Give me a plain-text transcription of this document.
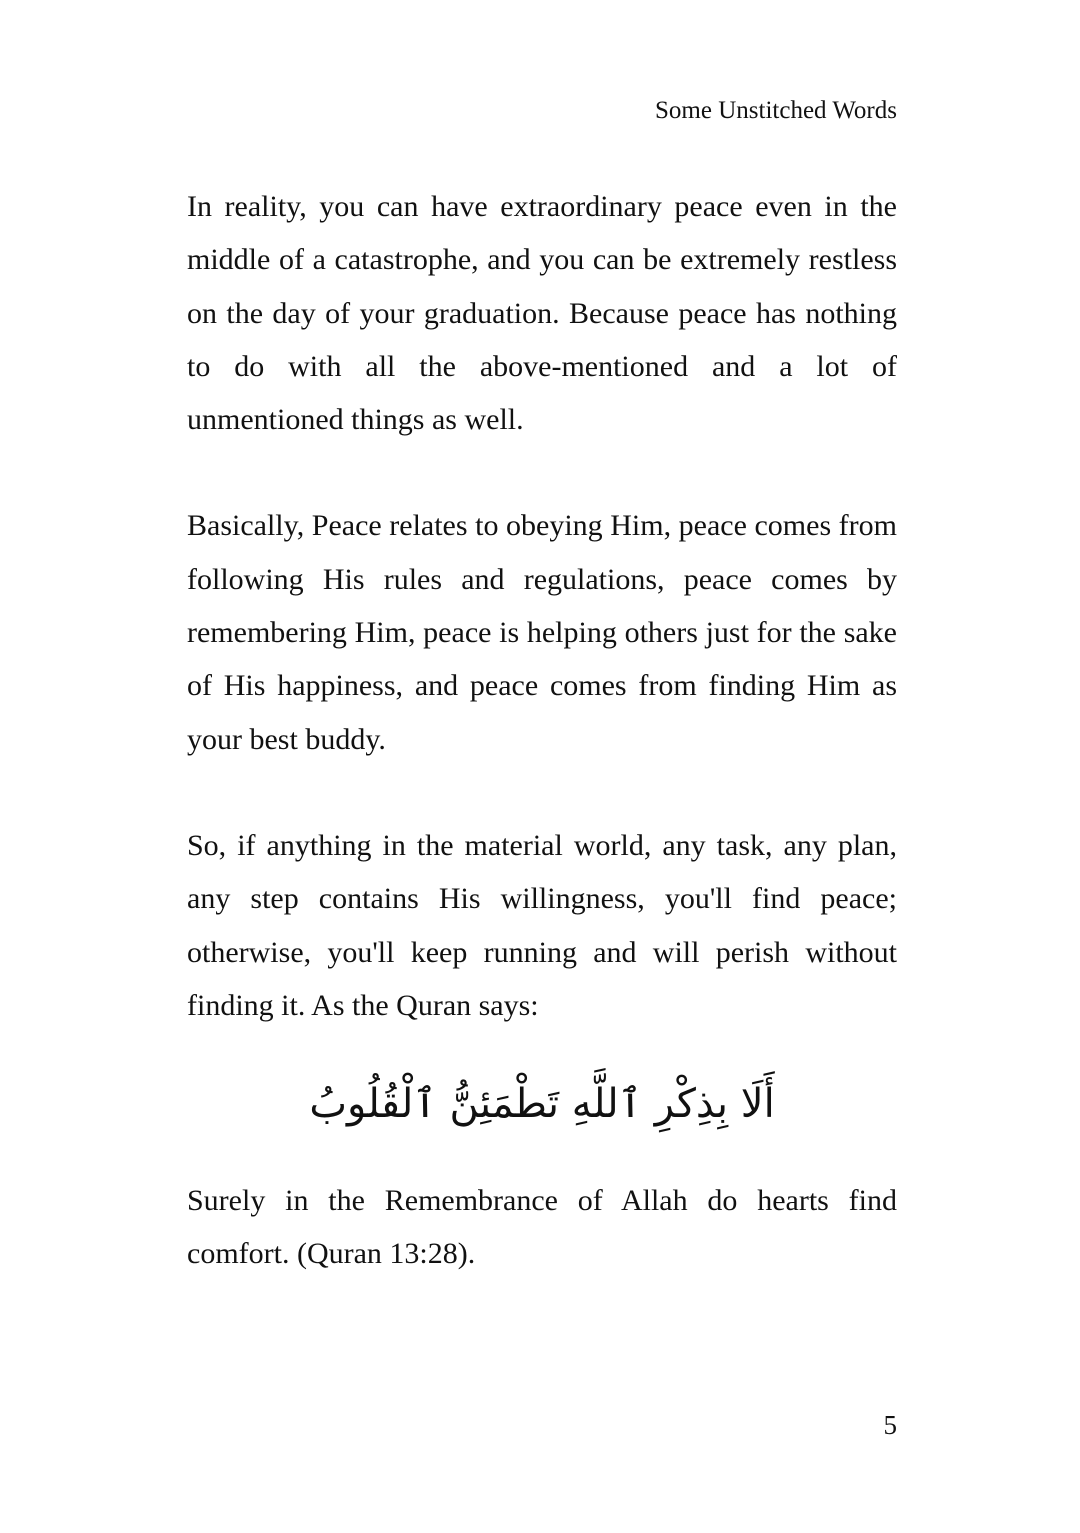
Some Unstitched Words

In reality, you can have extraordinary peace even in the middle of a catastrophe, and you can be extremely restless on the day of your graduation. Because peace has nothing to do with all the above-mentioned and a lot of unmentioned things as well.

Basically, Peace relates to obeying Him, peace comes from following His rules and regulations, peace comes by remembering Him, peace is helping others just for the sake of His happiness, and peace comes from finding Him as your best buddy.

So, if anything in the material world, any task, any plan, any step contains His willingness, you'll find peace; otherwise, you'll keep running and will perish without finding it. As the Quran says:

أَلَا بِذِكْرِ ٱللَّهِ تَطْمَئِنُّ ٱلْقُلُوبُ

Surely in the Remembrance of Allah do hearts find comfort. (Quran 13:28).

5
